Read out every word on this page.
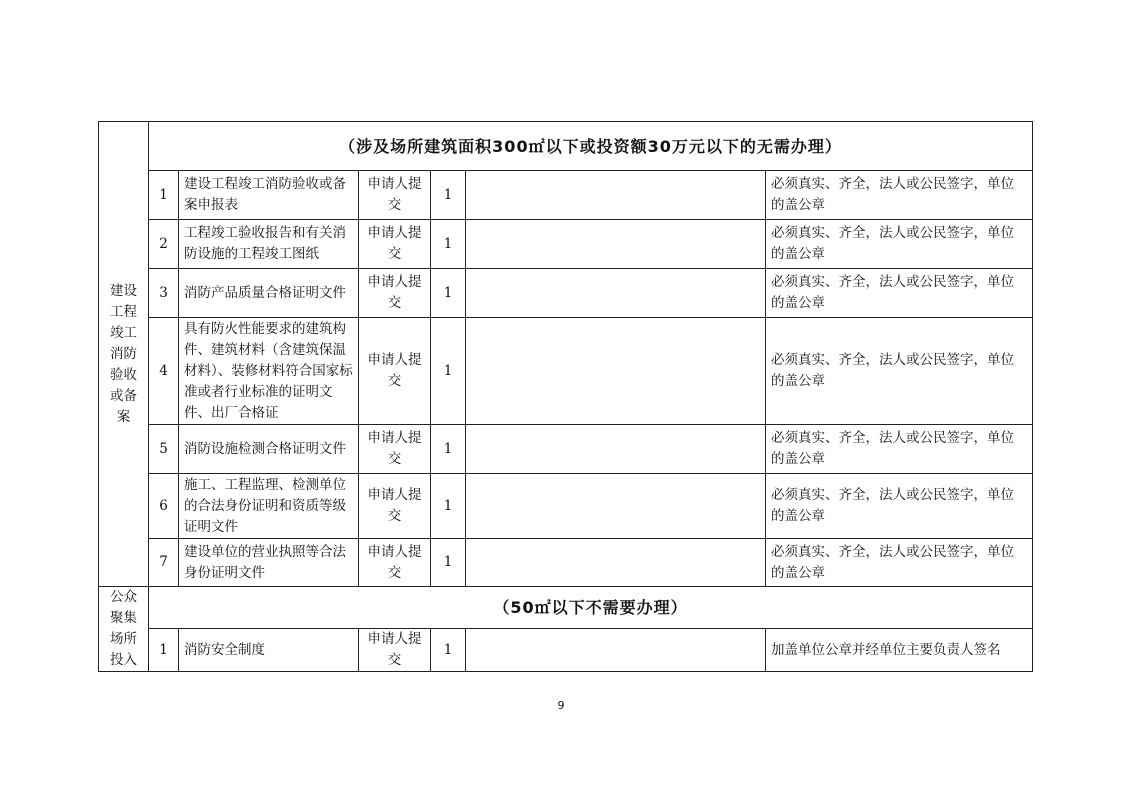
建设工程竣工消防验收或备案	（涉及场所建筑面积300㎡以下或投资额30万元以下的无需办理）					
	1	建设工程竣工消防验收或备案申报表	申请人提交	1		必须真实、齐全，法人或公民签字，单位的盖公章
	2	工程竣工验收报告和有关消防设施的工程竣工图纸	申请人提交	1		必须真实、齐全，法人或公民签字，单位的盖公章
	3	消防产品质量合格证明文件	申请人提交	1		必须真实、齐全，法人或公民签字，单位的盖公章
	4	具有防火性能要求的建筑构件、建筑材料（含建筑保温材料）、装修材料符合国家标准或者行业标准的证明文件、出厂合格证	申请人提交	1		必须真实、齐全，法人或公民签字，单位的盖公章
	5	消防设施检测合格证明文件	申请人提交	1		必须真实、齐全，法人或公民签字，单位的盖公章
	6	施工、工程监理、检测单位的合法身份证明和资质等级证明文件	申请人提交	1		必须真实、齐全，法人或公民签字，单位的盖公章
	7	建设单位的营业执照等合法身份证明文件	申请人提交	1		必须真实、齐全，法人或公民签字，单位的盖公章
公众聚集场所投入	（50㎡以下不需要办理）					
	1	消防安全制度	申请人提交	1		加盖单位公章并经单位主要负责人签名
9
